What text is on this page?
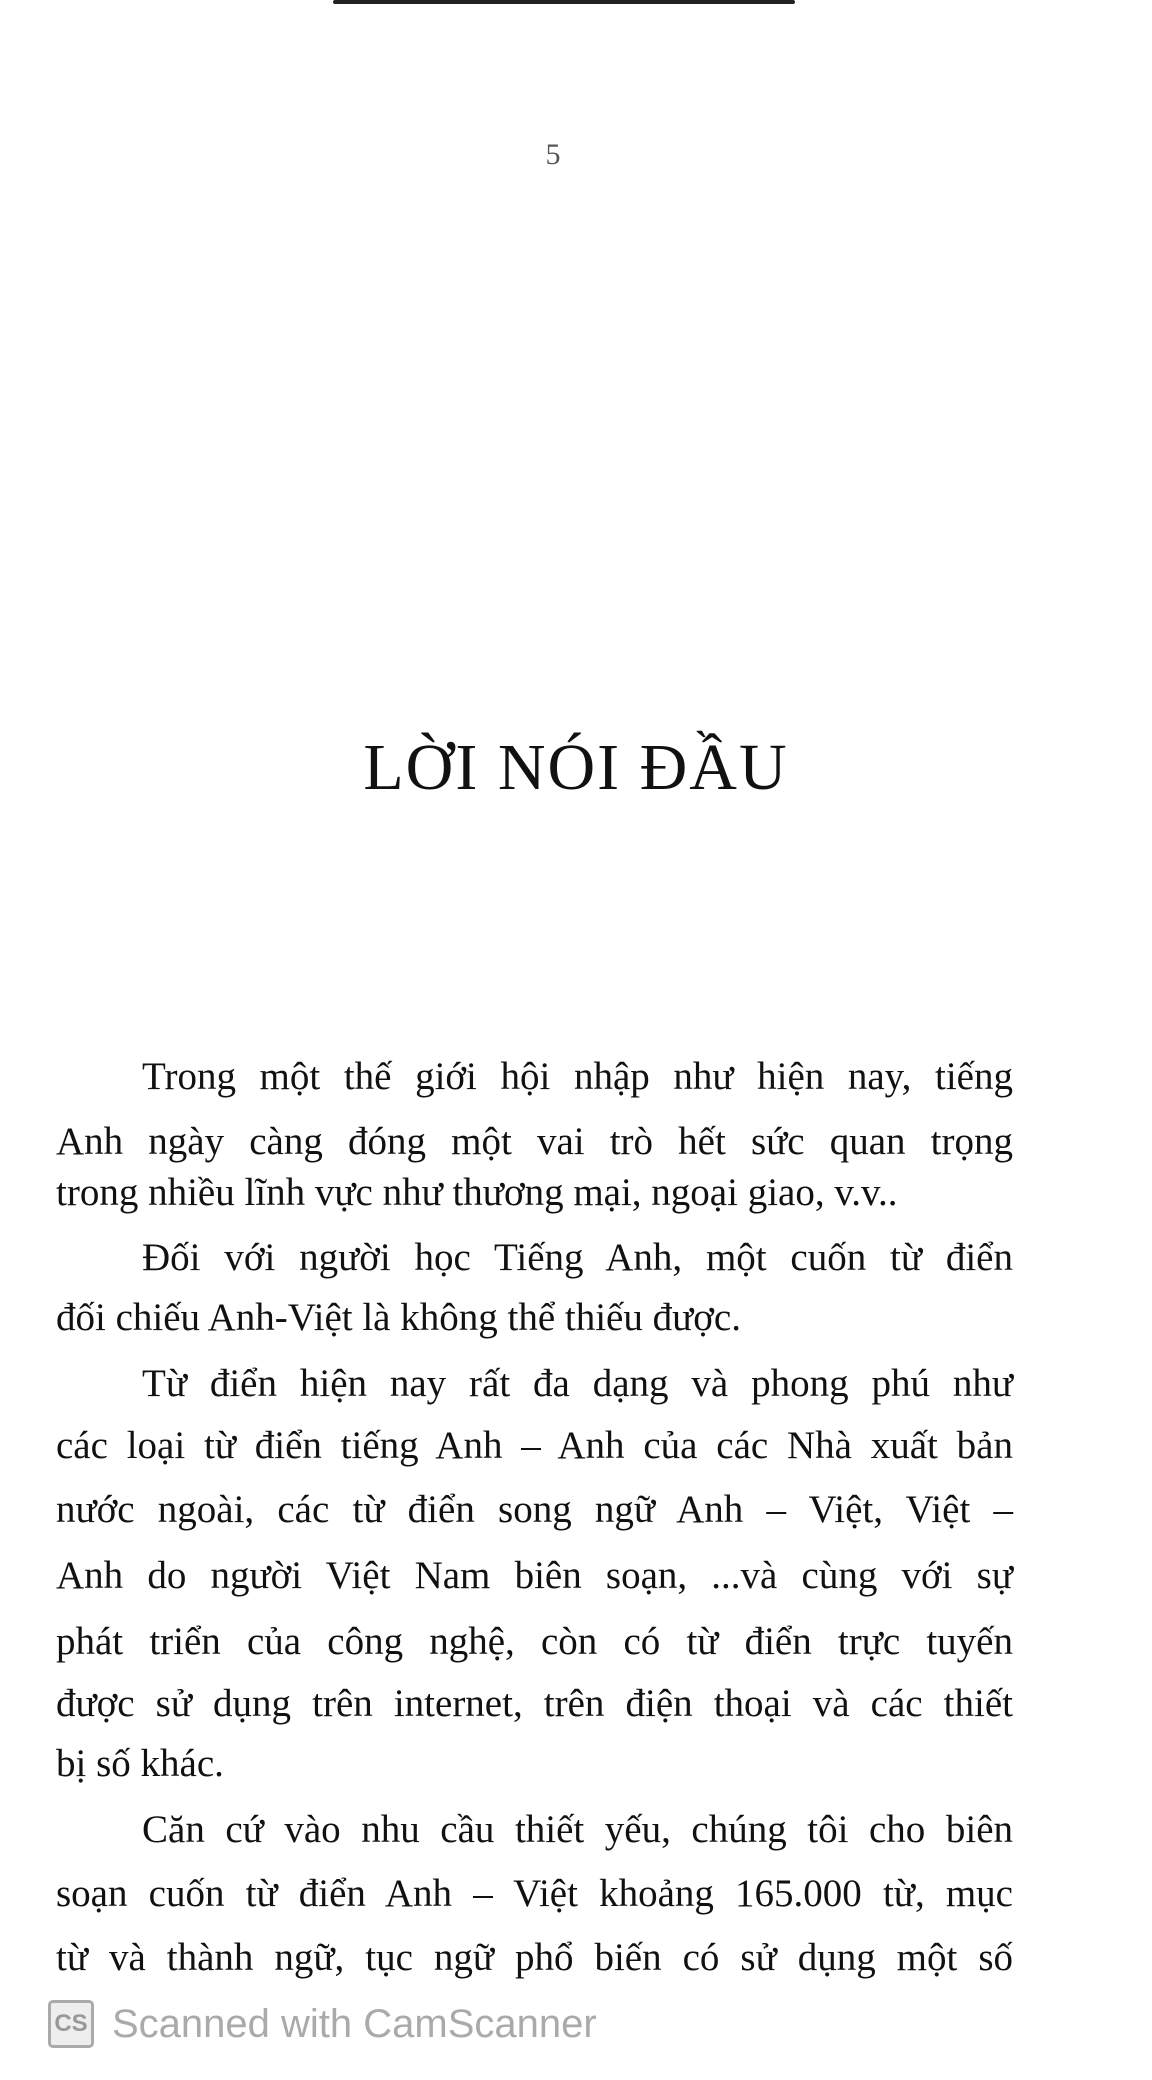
5
LỜI NÓI ĐẦU
Trong một thế giới hội nhập như hiện nay, tiếng
Anh ngày càng đóng một vai trò hết sức quan trọng
trong nhiều lĩnh vực như thương mại, ngoại giao, v.v..
Đối với người học Tiếng Anh, một cuốn từ điển
đối chiếu Anh-Việt là không thể thiếu được.
Từ điển hiện nay rất đa dạng và phong phú như
các loại từ điển tiếng Anh – Anh của các Nhà xuất bản
nước ngoài, các từ điển song ngữ Anh – Việt, Việt –
Anh do người Việt Nam biên soạn, ...và cùng với sự
phát triển của công nghệ, còn có từ điển trực tuyến
được sử dụng trên internet, trên điện thoại và các thiết
bị số khác.
Căn cứ vào nhu cầu thiết yếu, chúng tôi cho biên
soạn cuốn từ điển Anh – Việt khoảng 165.000 từ, mục
từ và thành ngữ, tục ngữ phổ biến có sử dụng một số
CS Scanned with CamScanner
